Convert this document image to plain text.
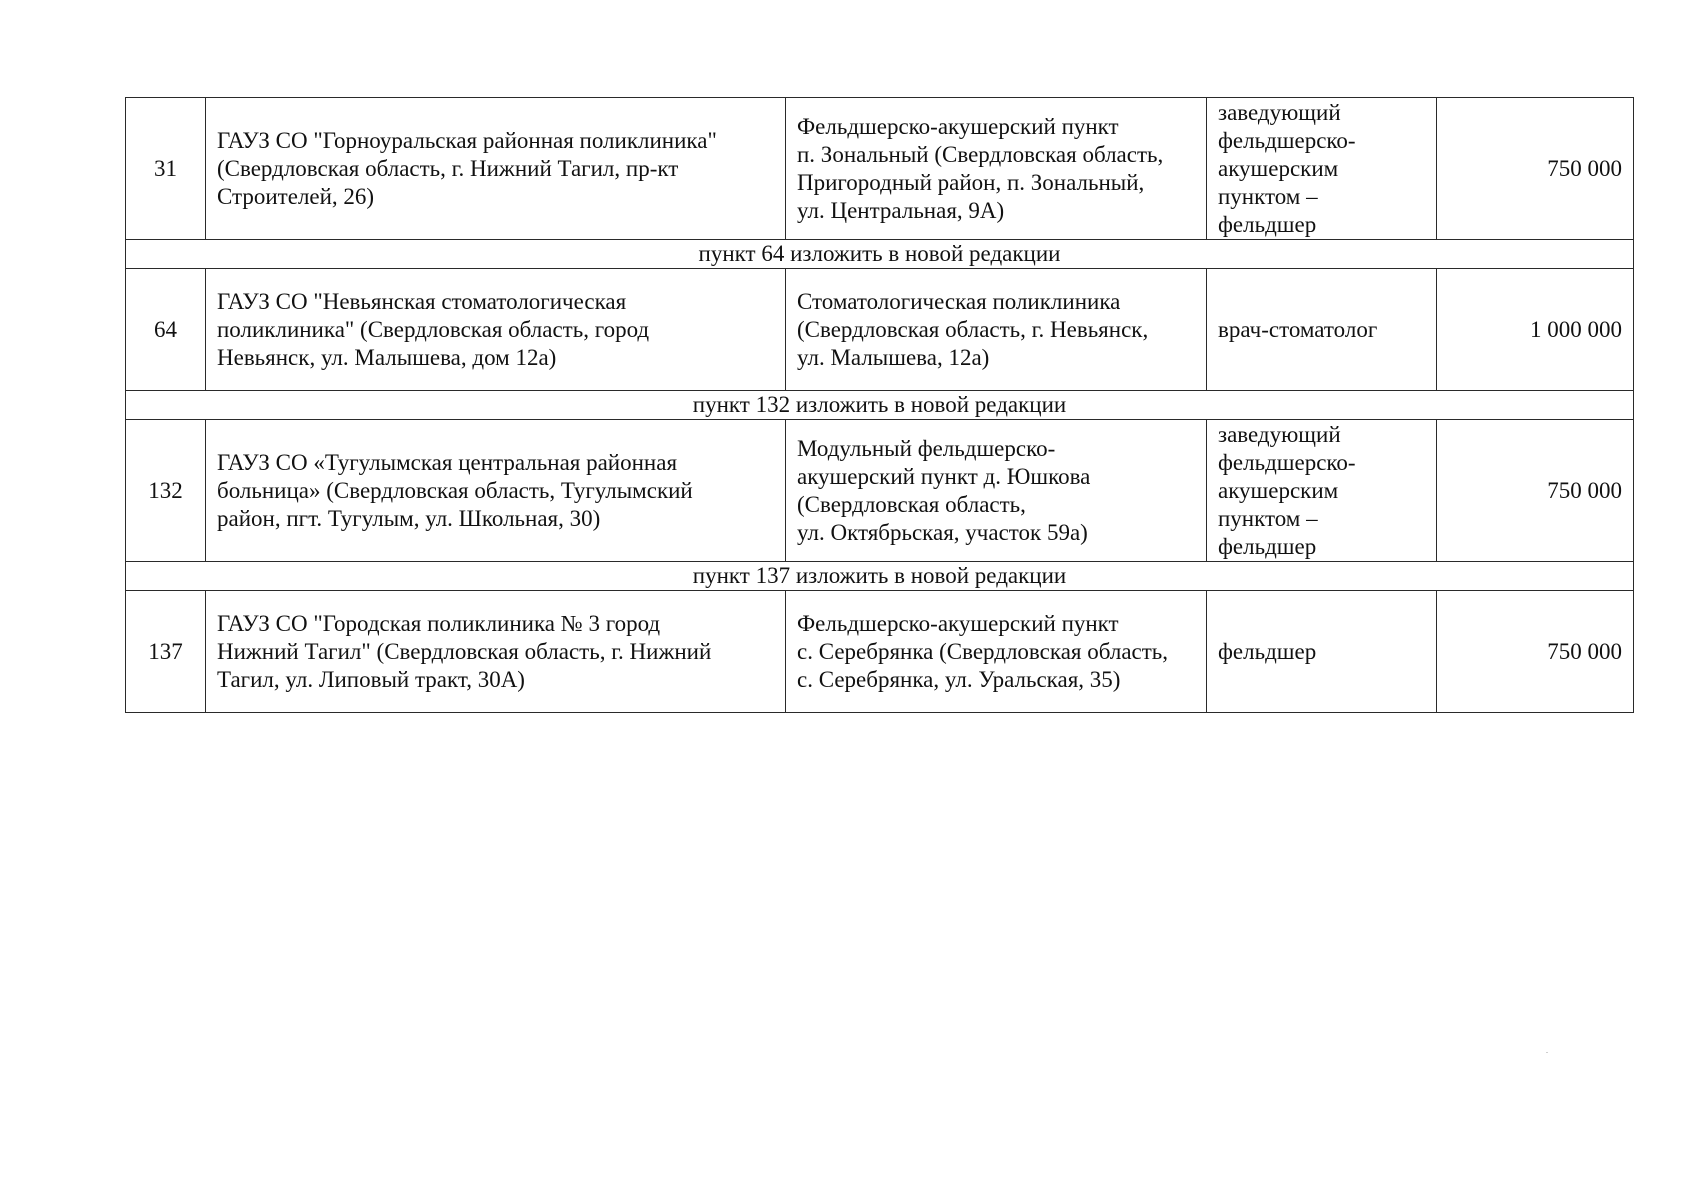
31	ГАУЗ СО "Горноуральская районная поликлиника"
(Свердловская область, г. Нижний Тагил, пр-кт
Строителей, 26)	Фельдшерско-акушерский пункт
п. Зональный (Свердловская область,
Пригородный район, п. Зональный,
ул. Центральная, 9А)	заведующий
фельдшерско-
акушерским
пунктом –
фельдшер	750 000
пункт 64 изложить в новой редакции				
64	ГАУЗ СО "Невьянская стоматологическая
поликлиника" (Свердловская область, город
Невьянск, ул. Малышева, дом 12а)	Стоматологическая поликлиника
(Свердловская область, г. Невьянск,
ул. Малышева, 12а)	врач-стоматолог	1 000 000
пункт 132 изложить в новой редакции				
132	ГАУЗ СО «Тугулымская центральная районная
больница» (Свердловская область, Тугулымский
район, пгт. Тугулым, ул. Школьная, 30)	Модульный фельдшерско-
акушерский пункт д. Юшкова
(Свердловская область,
ул. Октябрьская, участок 59а)	заведующий
фельдшерско-
акушерским
пунктом –
фельдшер	750 000
пункт 137 изложить в новой редакции				
137	ГАУЗ СО "Городская поликлиника № 3 город
Нижний Тагил" (Свердловская область, г. Нижний
Тагил, ул. Липовый тракт, 30А)	Фельдшерско-акушерский пункт
с. Серебрянка (Свердловская область,
с. Серебрянка, ул. Уральская, 35)	фельдшер	750 000
